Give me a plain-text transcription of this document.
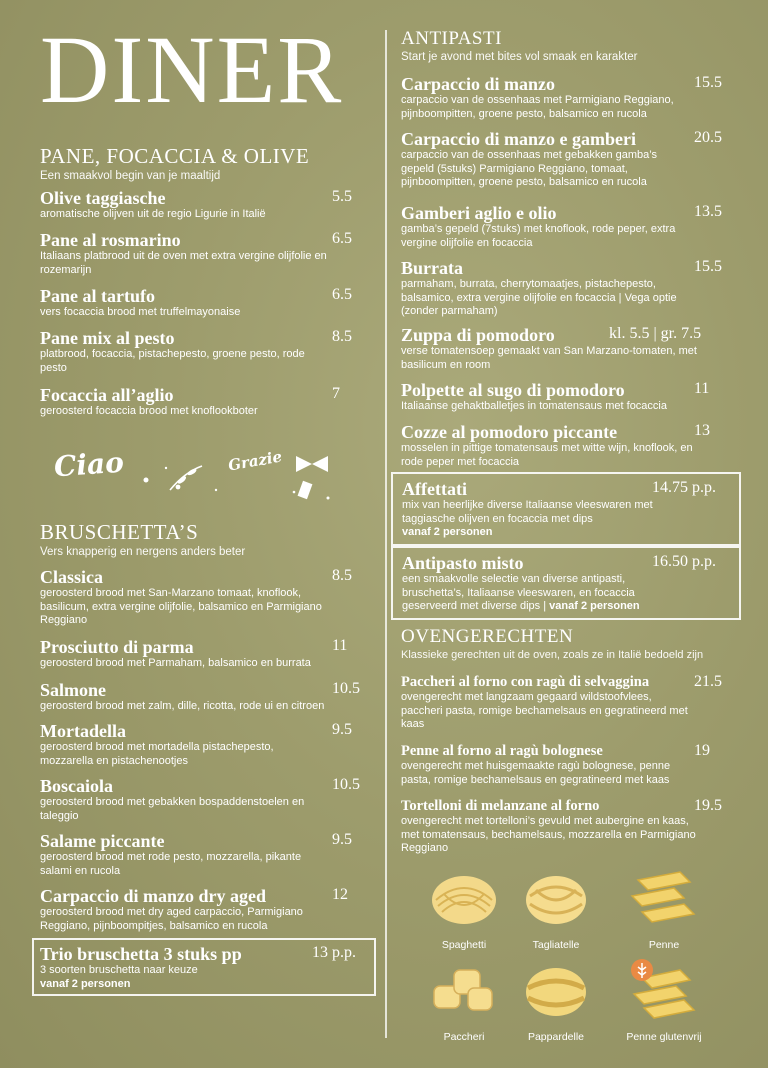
DINER
PANE, FOCACCIA & OLIVE
Een smaakvol begin van je maaltijd
Olive taggiasche	5.5
aromatische olijven uit de regio Ligurie in Italië
Pane al rosmarino	6.5
Italiaans platbrood uit de oven met extra vergine olijfolie en rozemarijn
Pane al tartufo	6.5
vers focaccia brood met truffelmayonaise
Pane mix al pesto	8.5
platbrood, focaccia, pistachepesto, groene pesto, rode pesto
Focaccia all’aglio	7
geroosterd focaccia brood met knoflookboter
Ciao	Grazie
BRUSCHETTA’S
Vers knapperig en nergens anders beter
Classica	8.5
geroosterd brood met San-Marzano tomaat, knoflook, basilicum, extra vergine olijfolie, balsamico en Parmigiano Reggiano
Prosciutto di parma	11
geroosterd brood met Parmaham, balsamico en burrata
Salmone	10.5
geroosterd brood met zalm, dille, ricotta, rode ui en citroen
Mortadella	9.5
geroosterd brood met mortadella pistachepesto, mozzarella en pistachenootjes
Boscaiola	10.5
geroosterd brood met gebakken bospaddenstoelen en taleggio
Salame piccante	9.5
geroosterd brood met rode pesto, mozzarella, pikante salami en rucola
Carpaccio di manzo dry aged	12
geroosterd brood met dry aged carpaccio, Parmigiano Reggiano, pijnboompitjes, balsamico en rucola
Trio bruschetta 3 stuks pp	13 p.p.
3 soorten bruschetta naar keuze
vanaf 2 personen
ANTIPASTI
Start je avond met bites vol smaak en karakter
Carpaccio di manzo	15.5
carpaccio van de ossenhaas met Parmigiano Reggiano, pijnboompitten, groene pesto, balsamico en rucola
Carpaccio di manzo e gamberi	20.5
carpaccio van de ossenhaas met gebakken gamba’s gepeld (5stuks) Parmigiano Reggiano, tomaat, pijnboompitten, groene pesto, balsamico en rucola
Gamberi aglio e olio	13.5
gamba’s gepeld (7stuks) met knoflook, rode peper, extra vergine olijfolie en focaccia
Burrata	15.5
parmaham, burrata, cherrytomaatjes, pistachepesto, balsamico, extra vergine olijfolie en focaccia | Vega optie (zonder parmaham)
Zuppa di pomodoro	kl. 5.5 | gr. 7.5
verse tomatensoep gemaakt van San Marzano-tomaten, met basilicum en room
Polpette al sugo di pomodoro	11
Italiaanse gehaktballetjes in tomatensaus met focaccia
Cozze al pomodoro piccante	13
mosselen in pittige tomatensaus met witte wijn, knoflook, en rode peper met focaccia
Affettati	14.75 p.p.
mix van heerlijke diverse Italiaanse vleeswaren met taggiasche olijven en focaccia met dips
vanaf 2 personen
Antipasto misto	16.50 p.p.
een smaakvolle selectie van diverse antipasti, bruschetta’s, Italiaanse vleeswaren, en focaccia geserveerd met diverse dips | vanaf 2 personen
OVENGERECHTEN
Klassieke gerechten uit de oven, zoals ze in Italië bedoeld zijn
Paccheri al forno con ragù di selvaggina	21.5
ovengerecht met langzaam gegaard wildstoofvlees, paccheri pasta, romige bechamelsaus en gegratineerd met kaas
Penne al forno al ragù bolognese	19
ovengerecht met huisgemaakte ragù bolognese, penne pasta, romige bechamelsaus en gegratineerd met kaas
Tortelloni di melanzane al forno	19.5
ovengerecht met tortelloni’s gevuld met aubergine en kaas, met tomatensaus, bechamelsaus, mozzarella en Parmigiano Reggiano
Spaghetti	Tagliatelle	Penne
Paccheri	Pappardelle	Penne glutenvrij
